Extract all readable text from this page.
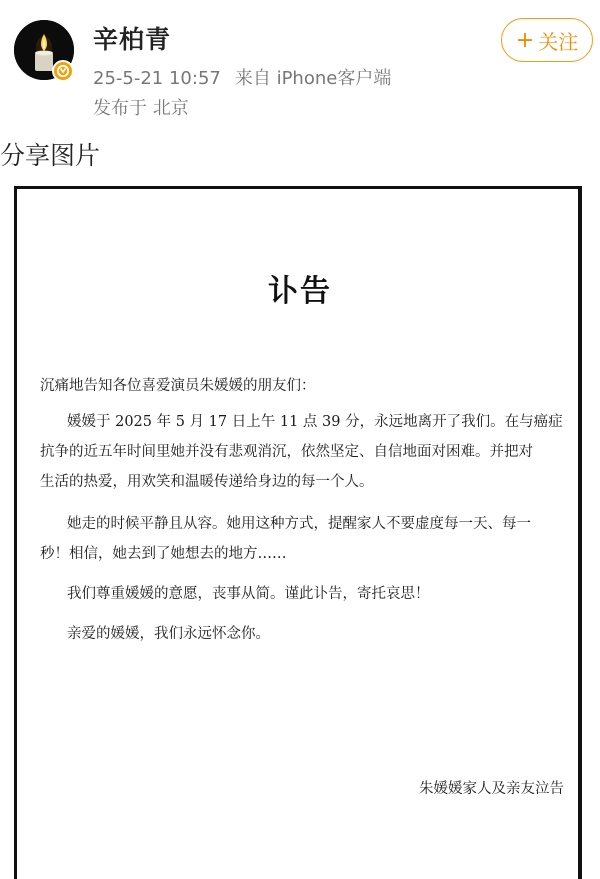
辛柏青
25-5-21 10:57 来自 iPhone客户端
发布于 北京
+ 关注
分享图片
讣告
沉痛地告知各位喜爱演员朱媛媛的朋友们：
媛媛于 2025 年 5 月 17 日上午 11 点 39 分，永远地离开了我们。在与癌症
抗争的近五年时间里她并没有悲观消沉，依然坚定、自信地面对困难。并把对
生活的热爱，用欢笑和温暖传递给身边的每一个人。
她走的时候平静且从容。她用这种方式，提醒家人不要虚度每一天、每一
秒！相信，她去到了她想去的地方……
我们尊重媛媛的意愿，丧事从简。谨此讣告，寄托哀思！
亲爱的媛媛，我们永远怀念你。
朱媛媛家人及亲友泣告
